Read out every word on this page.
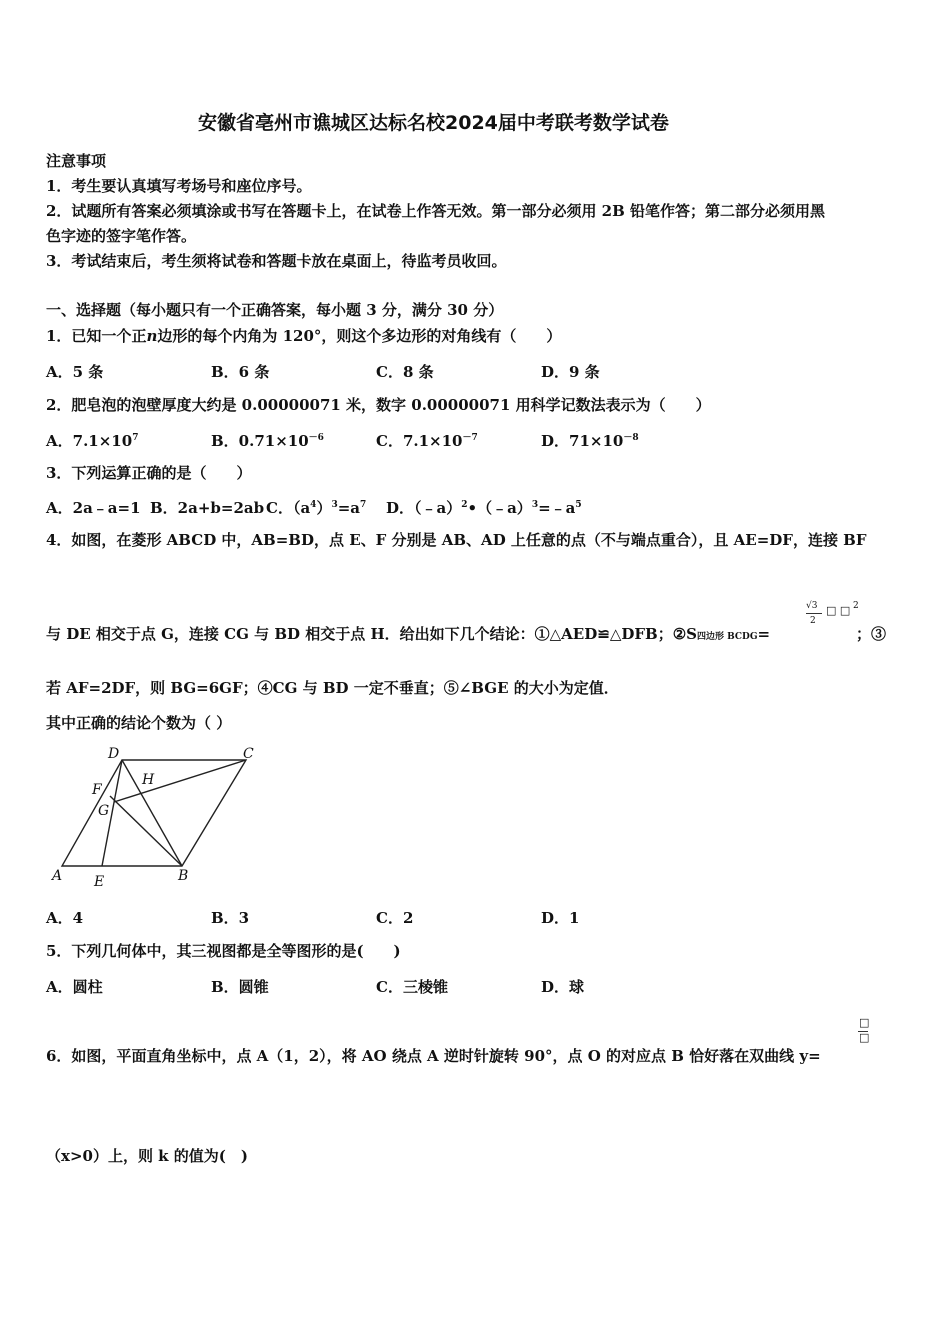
安徽省亳州市谯城区达标名校2024届中考联考数学试卷
注意事项
1．考生要认真填写考场号和座位序号。
2．试题所有答案必须填涂或书写在答题卡上，在试卷上作答无效。第一部分必须用 2B 铅笔作答；第二部分必须用黑
色字迹的签字笔作答。
3．考试结束后，考生须将试卷和答题卡放在桌面上，待监考员收回。
一、选择题（每小题只有一个正确答案，每小题 3 分，满分 30 分）
1．已知一个正n边形的每个内角为 120°，则这个多边形的对角线有（　　）
A．5 条	B．6 条	C．8 条	D．9 条
2．肥皂泡的泡壁厚度大约是 0.00000071 米，数字 0.00000071 用科学记数法表示为（　　）
A．$7.1\times 10^7$	B．$0.71\times 10^{-6}$	C．$7.1\times 10^{-7}$	D．$71\times 10^{-8}$
3．下列运算正确的是（　　）
A．2a﹣a=1 B．2a+b=2ab C．$(a^4)^3=a^7$ D．$(﹣a)^2•(﹣a)^3=﹣a^5$
4．如图，在菱形 ABCD 中，AB=BD，点 E、F 分别是 AB、AD 上任意的点（不与端点重合），且 AE=DF，连接 BF
与 DE 相交于点 G，连接 CG 与 BD 相交于点 H．给出如下几个结论：①△AED≌△DFB；②S四边形 BCDG=
√3
2
□ □ 2
；③
若 AF=2DF，则 BG=6GF；④CG 与 BD 一定不垂直；⑤∠BGE 的大小为定值．
其中正确的结论个数为（ ）
D	C
H
F
G
A E	B
A．4	B．3	C．2	D．1
5．下列几何体中，其三视图都是全等图形的是(　　)
A．圆柱	B．圆锥	C．三棱锥	D．球
□
□
6．如图，平面直角坐标中，点 A（1，2），将 AO 绕点 A 逆时针旋转 90°，点 O 的对应点 B 恰好落在双曲线 y=
（x>0）上，则 k 的值为(　)
